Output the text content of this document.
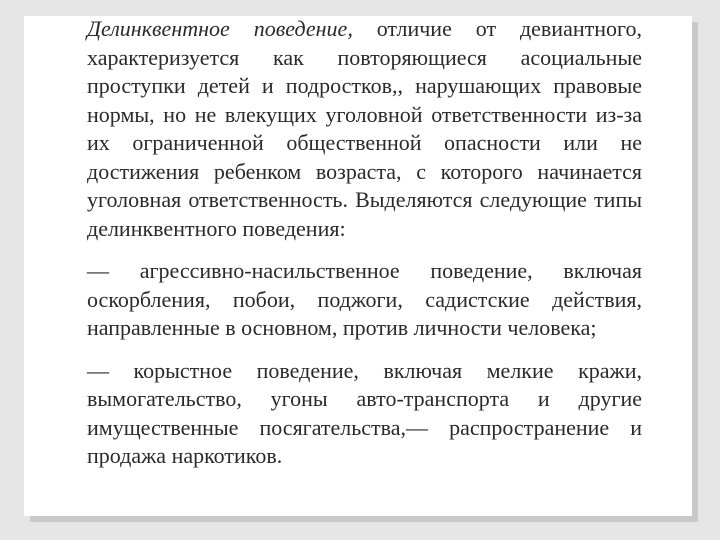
Делинквентное поведение, отличие от девиантного, характеризуется как повторяющиеся асоциальные проступки детей и подростков,, нарушающих правовые нормы, но не влекущих уголовной ответственности из-за их ограниченной общественной опасности или не достижения ребенком возраста, с которого начинается уголовная ответственность. Выделяются следующие типы делинквентного поведения:

— агрессивно-насильственное поведение, включая оскорбления, побои, поджоги, садистские действия, направленные в основном, против личности человека;

— корыстное поведение, включая мелкие кражи, вымогательство, угоны авто-транспорта и другие имущественные посягательства,— распространение и продажа наркотиков.
